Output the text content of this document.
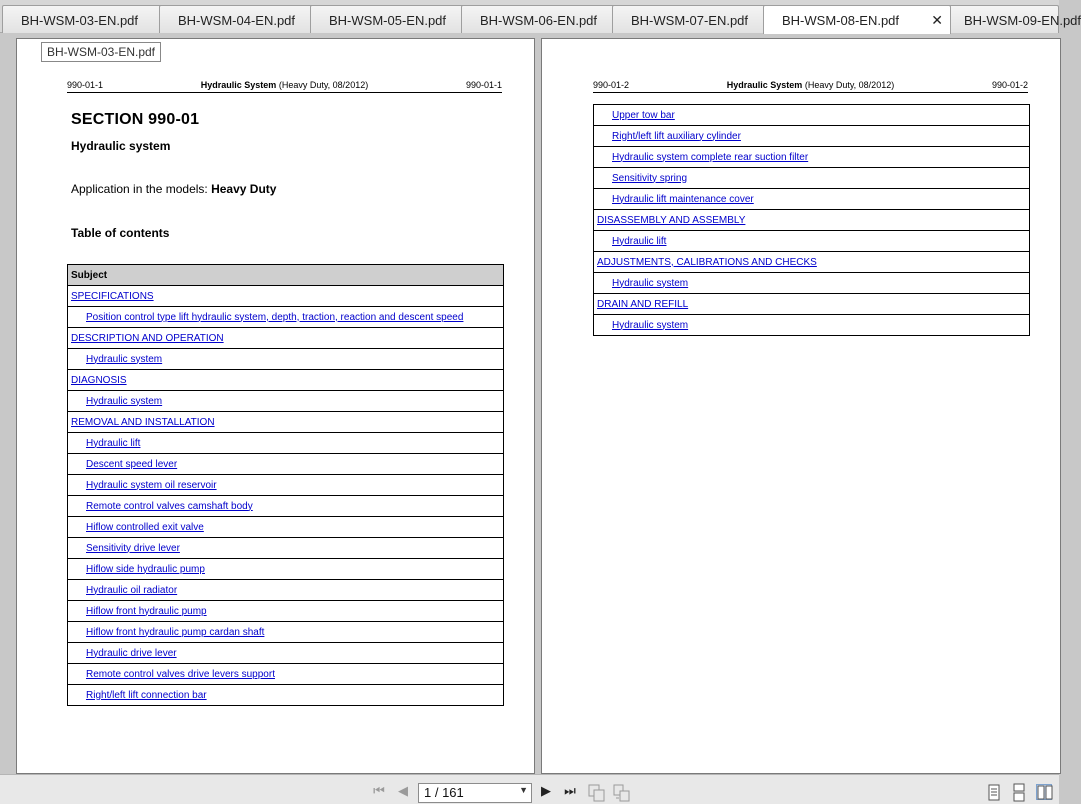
BH-WSM-03-EN.pdf	BH-WSM-04-EN.pdf	BH-WSM-05-EN.pdf	BH-WSM-06-EN.pdf	BH-WSM-07-EN.pdf	BH-WSM-08-EN.pdf ✕	BH-WSM-09-EN.pdf
BH-WSM-03-EN.pdf
990-01-1	Hydraulic System (Heavy Duty, 08/2012)	990-01-1
SECTION 990-01
Hydraulic system
Application in the models: Heavy Duty
Table of contents
Subject
SPECIFICATIONS
Position control type lift hydraulic system, depth, traction, reaction and descent speed
DESCRIPTION AND OPERATION
Hydraulic system
DIAGNOSIS
Hydraulic system
REMOVAL AND INSTALLATION
Hydraulic lift
Descent speed lever
Hydraulic system oil reservoir
Remote control valves camshaft body
Hiflow controlled exit valve
Sensitivity drive lever
Hiflow side hydraulic pump
Hydraulic oil radiator
Hiflow front hydraulic pump
Hiflow front hydraulic pump cardan shaft
Hydraulic drive lever
Remote control valves drive levers support
Right/left lift connection bar
990-01-2	Hydraulic System (Heavy Duty, 08/2012)	990-01-2
Upper tow bar
Right/left lift auxiliary cylinder
Hydraulic system complete rear suction filter
Sensitivity spring
Hydraulic lift maintenance cover
DISASSEMBLY AND ASSEMBLY
Hydraulic lift
ADJUSTMENTS, CALIBRATIONS AND CHECKS
Hydraulic system
DRAIN AND REFILL
Hydraulic system
⏮ ◀	1 / 161	▼ ▶ ⏭
